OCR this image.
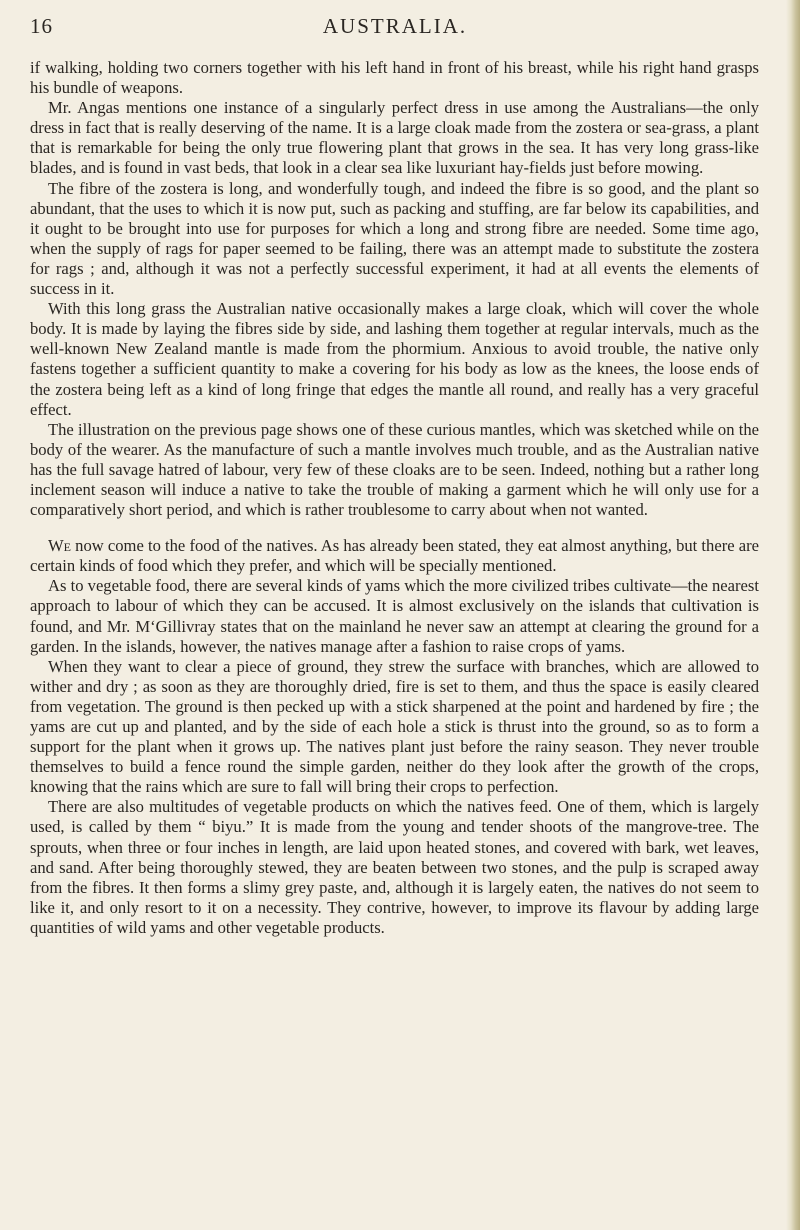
16	AUSTRALIA.

if walking, holding two corners together with his left hand in front of his breast, while his right hand grasps his bundle of weapons.

Mr. Angas mentions one instance of a singularly perfect dress in use among the Australians—the only dress in fact that is really deserving of the name. It is a large cloak made from the zostera or sea-grass, a plant that is remarkable for being the only true flowering plant that grows in the sea. It has very long grass-like blades, and is found in vast beds, that look in a clear sea like luxuriant hay-fields just before mowing.

The fibre of the zostera is long, and wonderfully tough, and indeed the fibre is so good, and the plant so abundant, that the uses to which it is now put, such as packing and stuffing, are far below its capabilities, and it ought to be brought into use for purposes for which a long and strong fibre are needed. Some time ago, when the supply of rags for paper seemed to be failing, there was an attempt made to substitute the zostera for rags ; and, although it was not a perfectly successful experiment, it had at all events the elements of success in it.

With this long grass the Australian native occasionally makes a large cloak, which will cover the whole body. It is made by laying the fibres side by side, and lashing them together at regular intervals, much as the well-known New Zealand mantle is made from the phormium. Anxious to avoid trouble, the native only fastens together a sufficient quantity to make a covering for his body as low as the knees, the loose ends of the zostera being left as a kind of long fringe that edges the mantle all round, and really has a very graceful effect.

The illustration on the previous page shows one of these curious mantles, which was sketched while on the body of the wearer. As the manufacture of such a mantle involves much trouble, and as the Australian native has the full savage hatred of labour, very few of these cloaks are to be seen. Indeed, nothing but a rather long inclement season will induce a native to take the trouble of making a garment which he will only use for a comparatively short period, and which is rather troublesome to carry about when not wanted.

We now come to the food of the natives. As has already been stated, they eat almost anything, but there are certain kinds of food which they prefer, and which will be specially mentioned.

As to vegetable food, there are several kinds of yams which the more civilized tribes cultivate—the nearest approach to labour of which they can be accused. It is almost exclusively on the islands that cultivation is found, and Mr. M‘Gillivray states that on the mainland he never saw an attempt at clearing the ground for a garden. In the islands, however, the natives manage after a fashion to raise crops of yams.

When they want to clear a piece of ground, they strew the surface with branches, which are allowed to wither and dry ; as soon as they are thoroughly dried, fire is set to them, and thus the space is easily cleared from vegetation. The ground is then pecked up with a stick sharpened at the point and hardened by fire ; the yams are cut up and planted, and by the side of each hole a stick is thrust into the ground, so as to form a support for the plant when it grows up. The natives plant just before the rainy season. They never trouble themselves to build a fence round the simple garden, neither do they look after the growth of the crops, knowing that the rains which are sure to fall will bring their crops to perfection.

There are also multitudes of vegetable products on which the natives feed. One of them, which is largely used, is called by them “ biyu.” It is made from the young and tender shoots of the mangrove-tree. The sprouts, when three or four inches in length, are laid upon heated stones, and covered with bark, wet leaves, and sand. After being thoroughly stewed, they are beaten between two stones, and the pulp is scraped away from the fibres. It then forms a slimy grey paste, and, although it is largely eaten, the natives do not seem to like it, and only resort to it on a necessity. They contrive, however, to improve its flavour by adding large quantities of wild yams and other vegetable products.
